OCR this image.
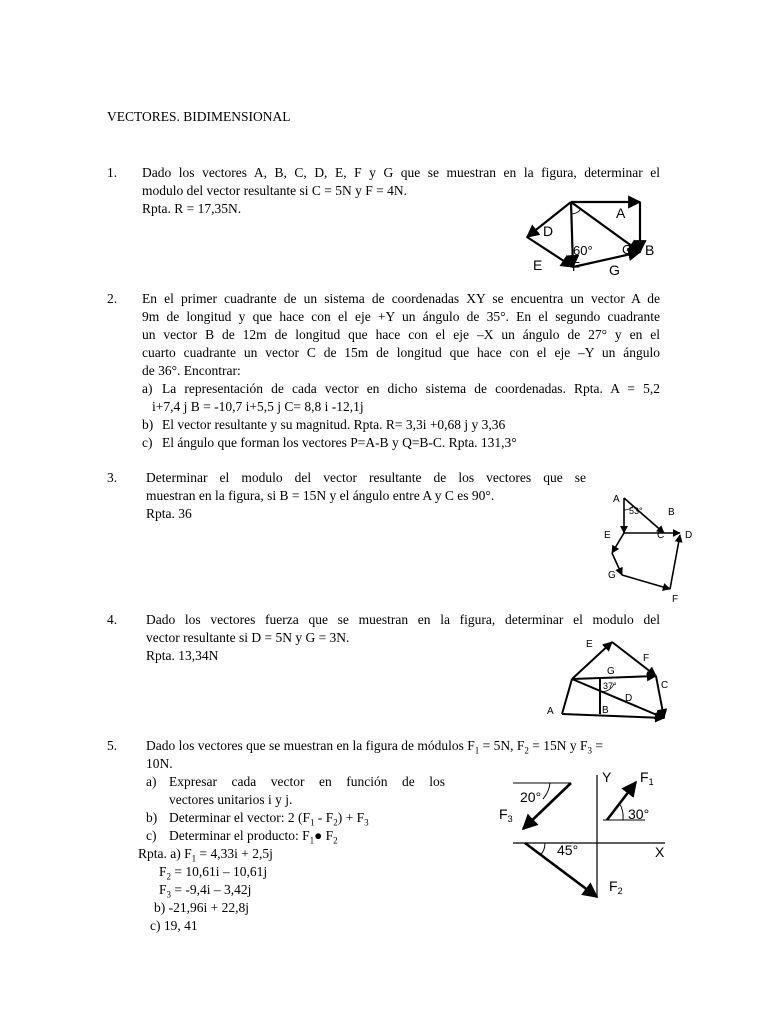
VECTORES. BIDIMENSIONAL
1. Dado los vectores A, B, C, D, E, F y G que se muestran en la figura, determinar el
modulo del vector resultante si C = 5N y F = 4N.
Rpta. R = 17,35N.	A
B
C
D
E F G
60°
2. En el primer cuadrante de un sistema de coordenadas XY se encuentra un vector A de
9m de longitud y que hace con el eje +Y un ángulo de 35°. En el segundo cuadrante
un vector B de 12m de longitud que hace con el eje –X un ángulo de 27° y en el
cuarto cuadrante un vector C de 15m de longitud que hace con el eje –Y un ángulo
de 36°. Encontrar:
a) La representación de cada vector en dicho sistema de coordenadas. Rpta. A = 5,2
i+7,4 j B = -10,7 i+5,5 j C= 8,8 i -12,1j
b) El vector resultante y su magnitud. Rpta. R= 3,3i +0,68 j y 3,36
c) El ángulo que forman los vectores P=A-B y Q=B-C. Rpta. 131,3°
3. Determinar el modulo del vector resultante de los vectores que se
muestran en la figura, si B = 15N y el ángulo entre A y C es 90°.
Rpta. 36
A
B
C D
E
G
F
53°
4. Dado los vectores fuerza que se muestran en la figura, determinar el modulo del
vector resultante si D = 5N y G = 3N.
Rpta. 13,34N
E
F
G
C
D
B
A
37°
5. Dado los vectores que se muestran en la figura de módulos $F_1 = 5N$, $F_2 = 15N$ y $F_3$ =
10N.
a) Expresar cada vector en función de los
vectores unitarios i y j.
b) Determinar el vector: 2 $(F_1 - F_2) + F_3$
c) Determinar el producto: $F_1●$ $F_2$
Rpta. a) $F_1 = 4,33i + 2,5j$
$F_2 = 10,61i - 10,61j$
$F_3 = -9,4i - 3,42j$
b) -21,96i + 22,8j
c) 19, 41
Y
X
$F_1$
$F_2$
$F_3$
20°
30°
45°
